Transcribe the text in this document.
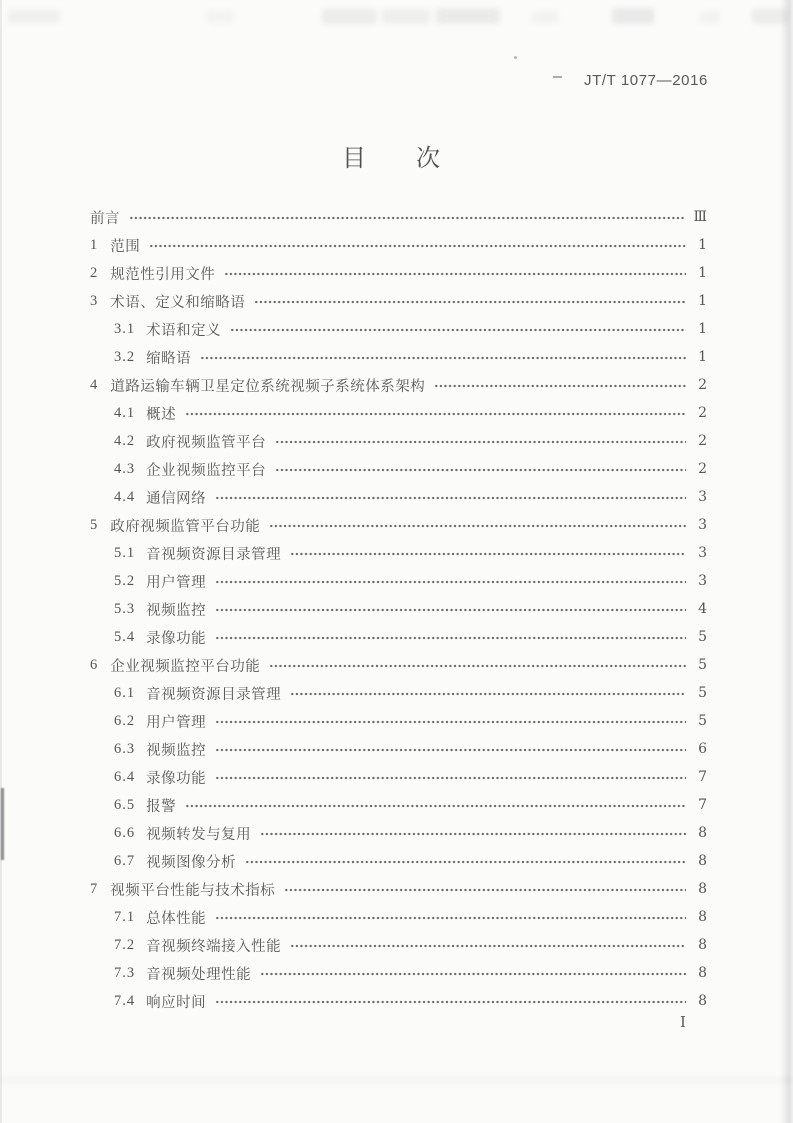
JT/T 1077—2016
目 次
前言	Ⅲ
1 范围	1
2 规范性引用文件	1
3 术语、定义和缩略语	1
3.1 术语和定义	1
3.2 缩略语	1
4 道路运输车辆卫星定位系统视频子系统体系架构	2
4.1 概述	2
4.2 政府视频监管平台	2
4.3 企业视频监控平台	2
4.4 通信网络	3
5 政府视频监管平台功能	3
5.1 音视频资源目录管理	3
5.2 用户管理	3
5.3 视频监控	4
5.4 录像功能	5
6 企业视频监控平台功能	5
6.1 音视频资源目录管理	5
6.2 用户管理	5
6.3 视频监控	6
6.4 录像功能	7
6.5 报警	7
6.6 视频转发与复用	8
6.7 视频图像分析	8
7 视频平台性能与技术指标	8
7.1 总体性能	8
7.2 音视频终端接入性能	8
7.3 音视频处理性能	8
7.4 响应时间	8
Ⅰ
